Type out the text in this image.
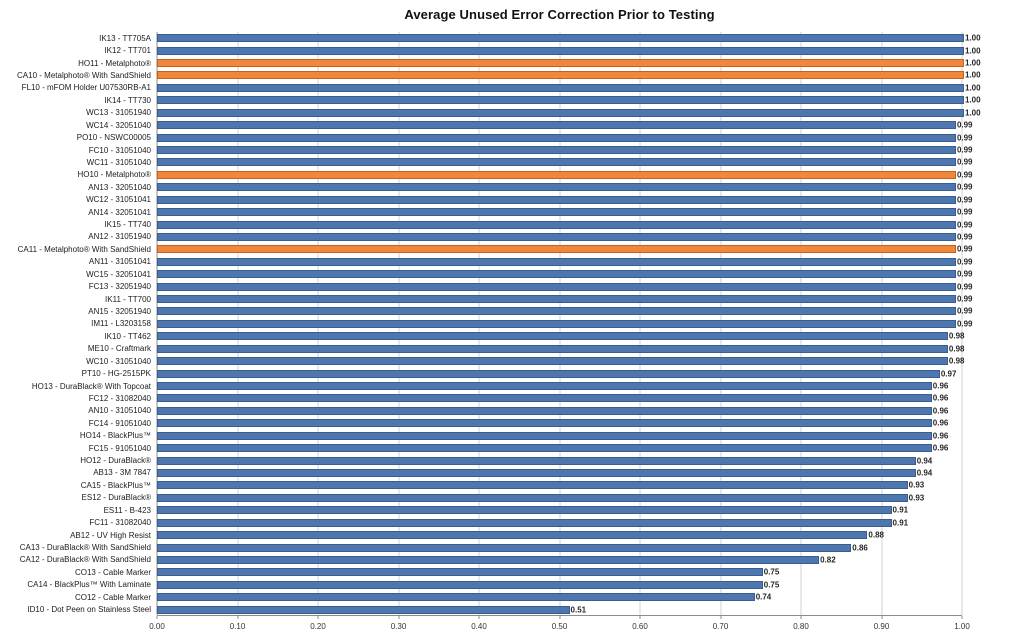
Average Unused Error Correction Prior to Testing
IK13 - TT705A	1.00
IK12 - TT701	1.00
HO11 - Metalphoto®	1.00
CA10 - Metalphoto® With SandShield	1.00
FL10 - mFOM Holder U07530RB-A1	1.00
IK14 - TT730	1.00
WC13 - 31051940	1.00
WC14 - 32051040	0.99
PO10 - NSWC00005	0.99
FC10 - 31051040	0.99
WC11 - 31051040	0.99
HO10 - Metalphoto®	0.99
AN13 - 32051040	0.99
WC12 - 31051041	0.99
AN14 - 32051041	0.99
IK15 - TT740	0.99
AN12 - 31051940	0.99
CA11 - Metalphoto® With SandShield	0.99
AN11 - 31051041	0.99
WC15 - 32051041	0.99
FC13 - 32051940	0.99
IK11 - TT700	0.99
AN15 - 32051940	0.99
IM11 - L3203158	0.99
IK10 - TT462	0.98
ME10 - Craftmark	0.98
WC10 - 31051040	0.98
PT10 - HG-2515PK	0.97
HO13 - DuraBlack® With Topcoat	0.96
FC12 - 31082040	0.96
AN10 - 31051040	0.96
FC14 - 91051040	0.96
HO14 - BlackPlus™	0.96
FC15 - 91051040	0.96
HO12 - DuraBlack®	0.94
AB13 - 3M 7847	0.94
CA15 - BlackPlus™	0.93
ES12 - DuraBlack®	0.93
ES11 - B-423	0.91
FC11 - 31082040	0.91
AB12 - UV High Resist	0.88
CA13 - DuraBlack® With SandShield	0.86
CA12 - DuraBlack® With SandShield	0.82
CO13 - Cable Marker	0.75
CA14 - BlackPlus™ With Laminate	0.75
CO12 - Cable Marker	0.74
ID10 - Dot Peen on Stainless Steel	0.51
0.00	0.10	0.20	0.30	0.40	0.50	0.60	0.70	0.80	0.90	1.00
